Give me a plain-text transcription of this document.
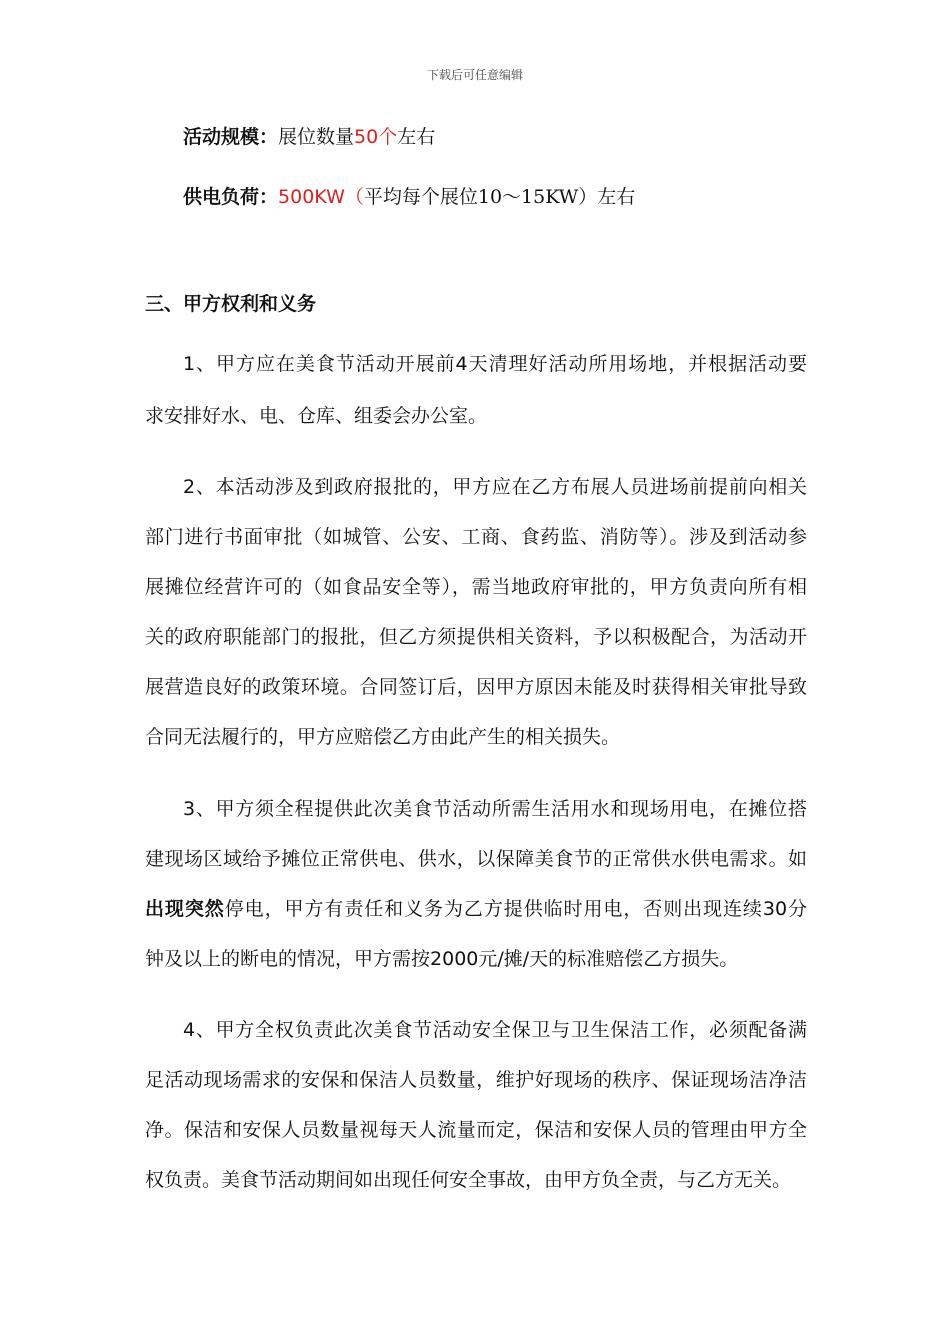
下载后可任意编辑
活动规模：展位数量50个左右
供电负荷：500KW（平均每个展位10～15KW）左右
三、甲方权利和义务
1、甲方应在美食节活动开展前4天清理好活动所用场地，并根据活动要
求安排好水、电、仓库、组委会办公室。
2、本活动涉及到政府报批的，甲方应在乙方布展人员进场前提前向相关
部门进行书面审批（如城管、公安、工商、食药监、消防等）。涉及到活动参
展摊位经营许可的（如食品安全等），需当地政府审批的，甲方负责向所有相
关的政府职能部门的报批，但乙方须提供相关资料，予以积极配合，为活动开
展营造良好的政策环境。合同签订后，因甲方原因未能及时获得相关审批导致
合同无法履行的，甲方应赔偿乙方由此产生的相关损失。
3、甲方须全程提供此次美食节活动所需生活用水和现场用电，在摊位搭
建现场区域给予摊位正常供电、供水，以保障美食节的正常供水供电需求。如
出现突然停电，甲方有责任和义务为乙方提供临时用电，否则出现连续30分
钟及以上的断电的情况，甲方需按2000元/摊/天的标准赔偿乙方损失。
4、甲方全权负责此次美食节活动安全保卫与卫生保洁工作，必须配备满
足活动现场需求的安保和保洁人员数量，维护好现场的秩序、保证现场洁净洁
净。保洁和安保人员数量视每天人流量而定，保洁和安保人员的管理由甲方全
权负责。美食节活动期间如出现任何安全事故，由甲方负全责，与乙方无关。
